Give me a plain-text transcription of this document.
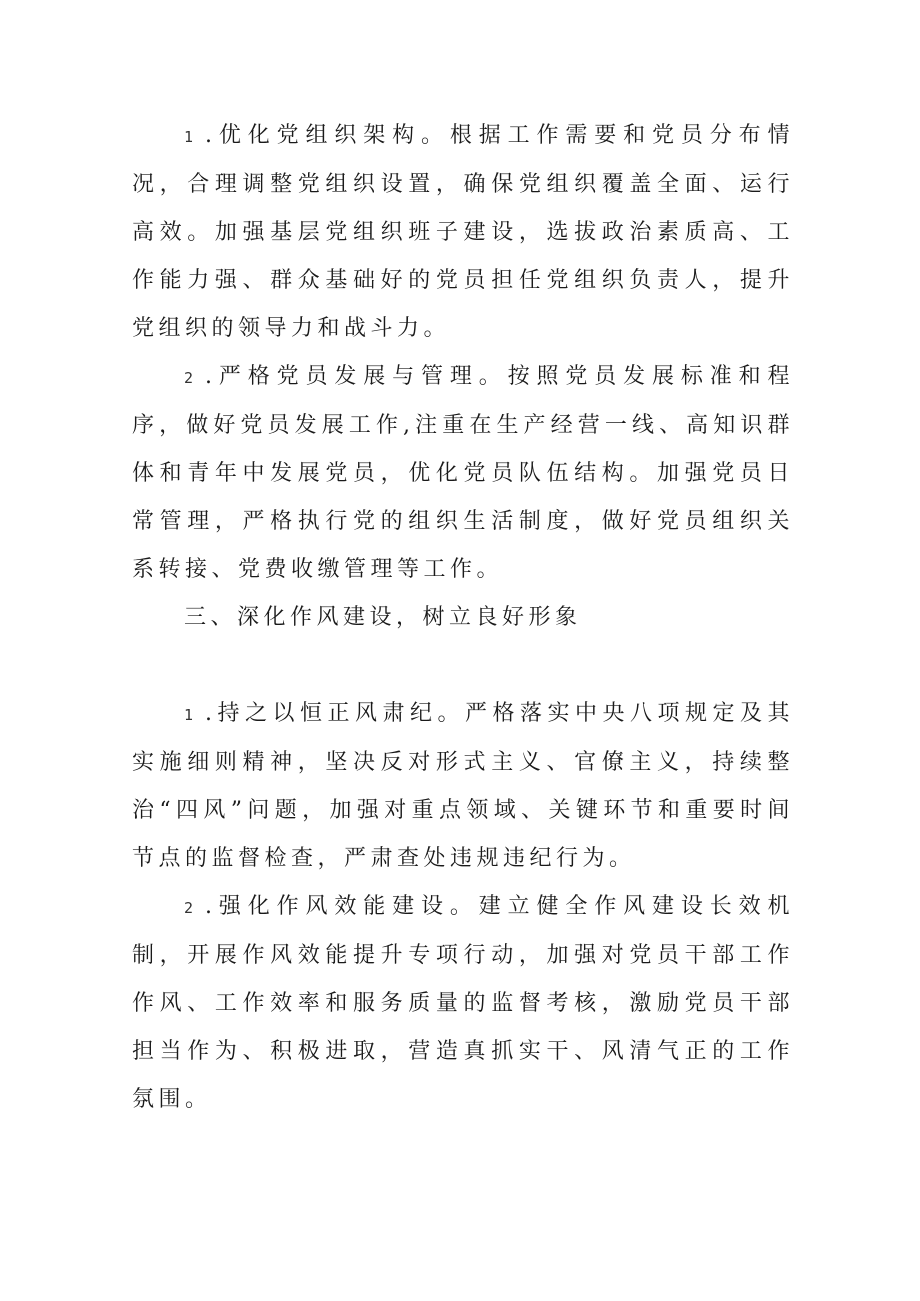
1 .优化党组织架构。根据工作需要和党员分布情况，合理调整党组织设置，确保党组织覆盖全面、运行高效。加强基层党组织班子建设，选拔政治素质高、工作能力强、群众基础好的党员担任党组织负责人，提升党组织的领导力和战斗力。

2 .严格党员发展与管理。按照党员发展标准和程序，做好党员发展工作,注重在生产经营一线、高知识群体和青年中发展党员，优化党员队伍结构。加强党员日常管理，严格执行党的组织生活制度，做好党员组织关系转接、党费收缴管理等工作。

三、深化作风建设，树立良好形象

1 .持之以恒正风肃纪。严格落实中央八项规定及其实施细则精神，坚决反对形式主义、官僚主义，持续整治“四风”问题，加强对重点领域、关键环节和重要时间节点的监督检查，严肃查处违规违纪行为。

2 .强化作风效能建设。建立健全作风建设长效机制，开展作风效能提升专项行动，加强对党员干部工作作风、工作效率和服务质量的监督考核，激励党员干部担当作为、积极进取，营造真抓实干、风清气正的工作氛围。
